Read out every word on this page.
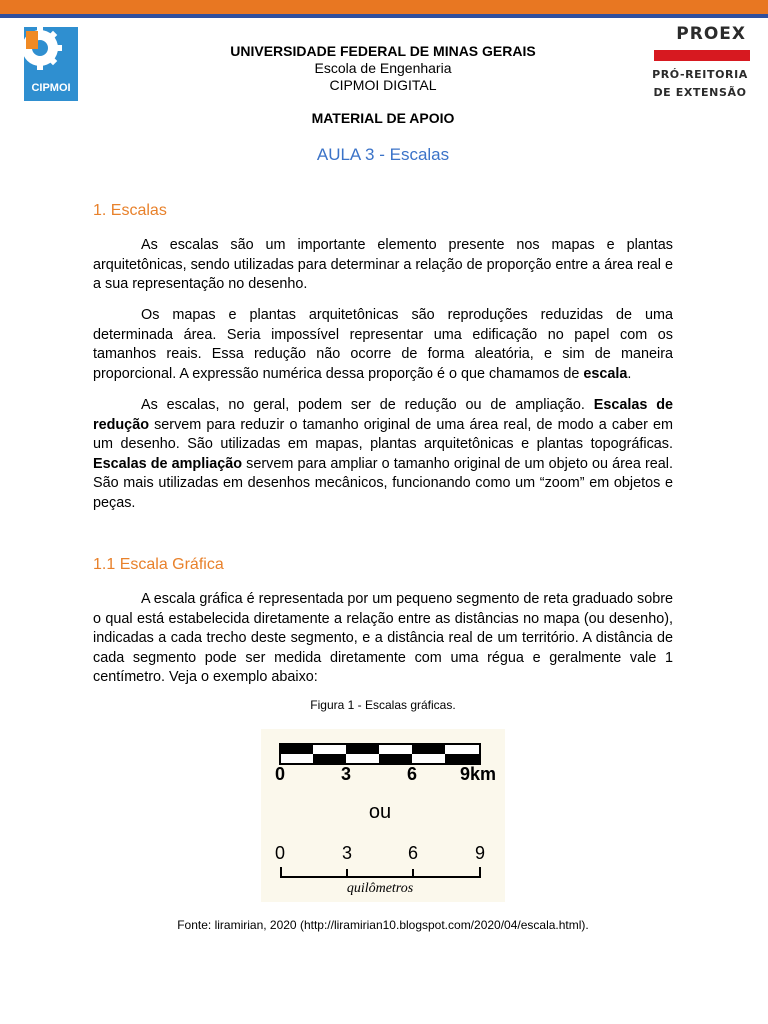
CIPMOI
PROEX
PRÓ-REITORIA
DE EXTENSÃO
UNIVERSIDADE FEDERAL DE MINAS GERAIS
Escola de Engenharia
CIPMOI DIGITAL
MATERIAL DE APOIO
AULA 3 - Escalas
1. Escalas

As escalas são um importante elemento presente nos mapas e plantas arquitetônicas, sendo utilizadas para determinar a relação de proporção entre a área real e a sua representação no desenho.

Os mapas e plantas arquitetônicas são reproduções reduzidas de uma determinada área. Seria impossível representar uma edificação no papel com os tamanhos reais. Essa redução não ocorre de forma aleatória, e sim de maneira proporcional. A expressão numérica dessa proporção é o que chamamos de escala.

As escalas, no geral, podem ser de redução ou de ampliação. Escalas de redução servem para reduzir o tamanho original de uma área real, de modo a caber em um desenho. São utilizadas em mapas, plantas arquitetônicas e plantas topográficas. Escalas de ampliação servem para ampliar o tamanho original de um objeto ou área real. São mais utilizadas em desenhos mecânicos, funcionando como um “zoom” em objetos e peças.

1.1 Escala Gráfica

A escala gráfica é representada por um pequeno segmento de reta graduado sobre o qual está estabelecida diretamente a relação entre as distâncias no mapa (ou desenho), indicadas a cada trecho deste segmento, e a distância real de um território. A distância de cada segmento pode ser medida diretamente com uma régua e geralmente vale 1 centímetro. Veja o exemplo abaixo:

Figura 1 - Escalas gráficas.
0	3	6 9km
ou
0	3	6	9
quilômetros
Fonte: liramirian, 2020 (http://liramirian10.blogspot.com/2020/04/escala.html).
